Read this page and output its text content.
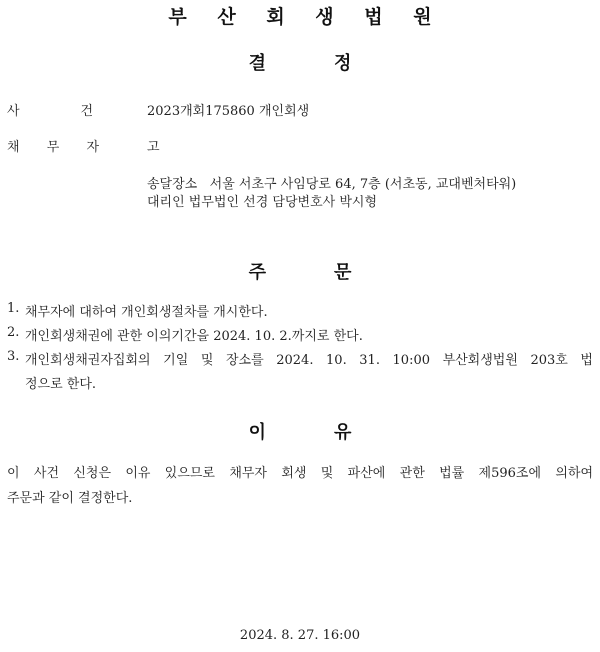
부 산 회 생 법 원
결	정
사	건	2023개회175860 개인회생
채 무 자	고
송달장소 서울 서초구 사임당로 64, 7층 (서초동, 교대벤처타워)
대리인 법무법인 선경 담당변호사 박시형
주	문
1. 채무자에 대하여 개인회생절차를 개시한다.
2. 개인회생채권에 관한 이의기간을 2024. 10. 2.까지로 한다.
3. 개인회생채권자집회의 기일 및 장소를 2024. 10. 31. 10:00 부산회생법원 203호 법
정으로 한다.
이	유
이 사건 신청은 이유 있으므로 채무자 회생 및 파산에 관한 법률 제596조에 의하여
주문과 같이 결정한다.
2024. 8. 27. 16:00
